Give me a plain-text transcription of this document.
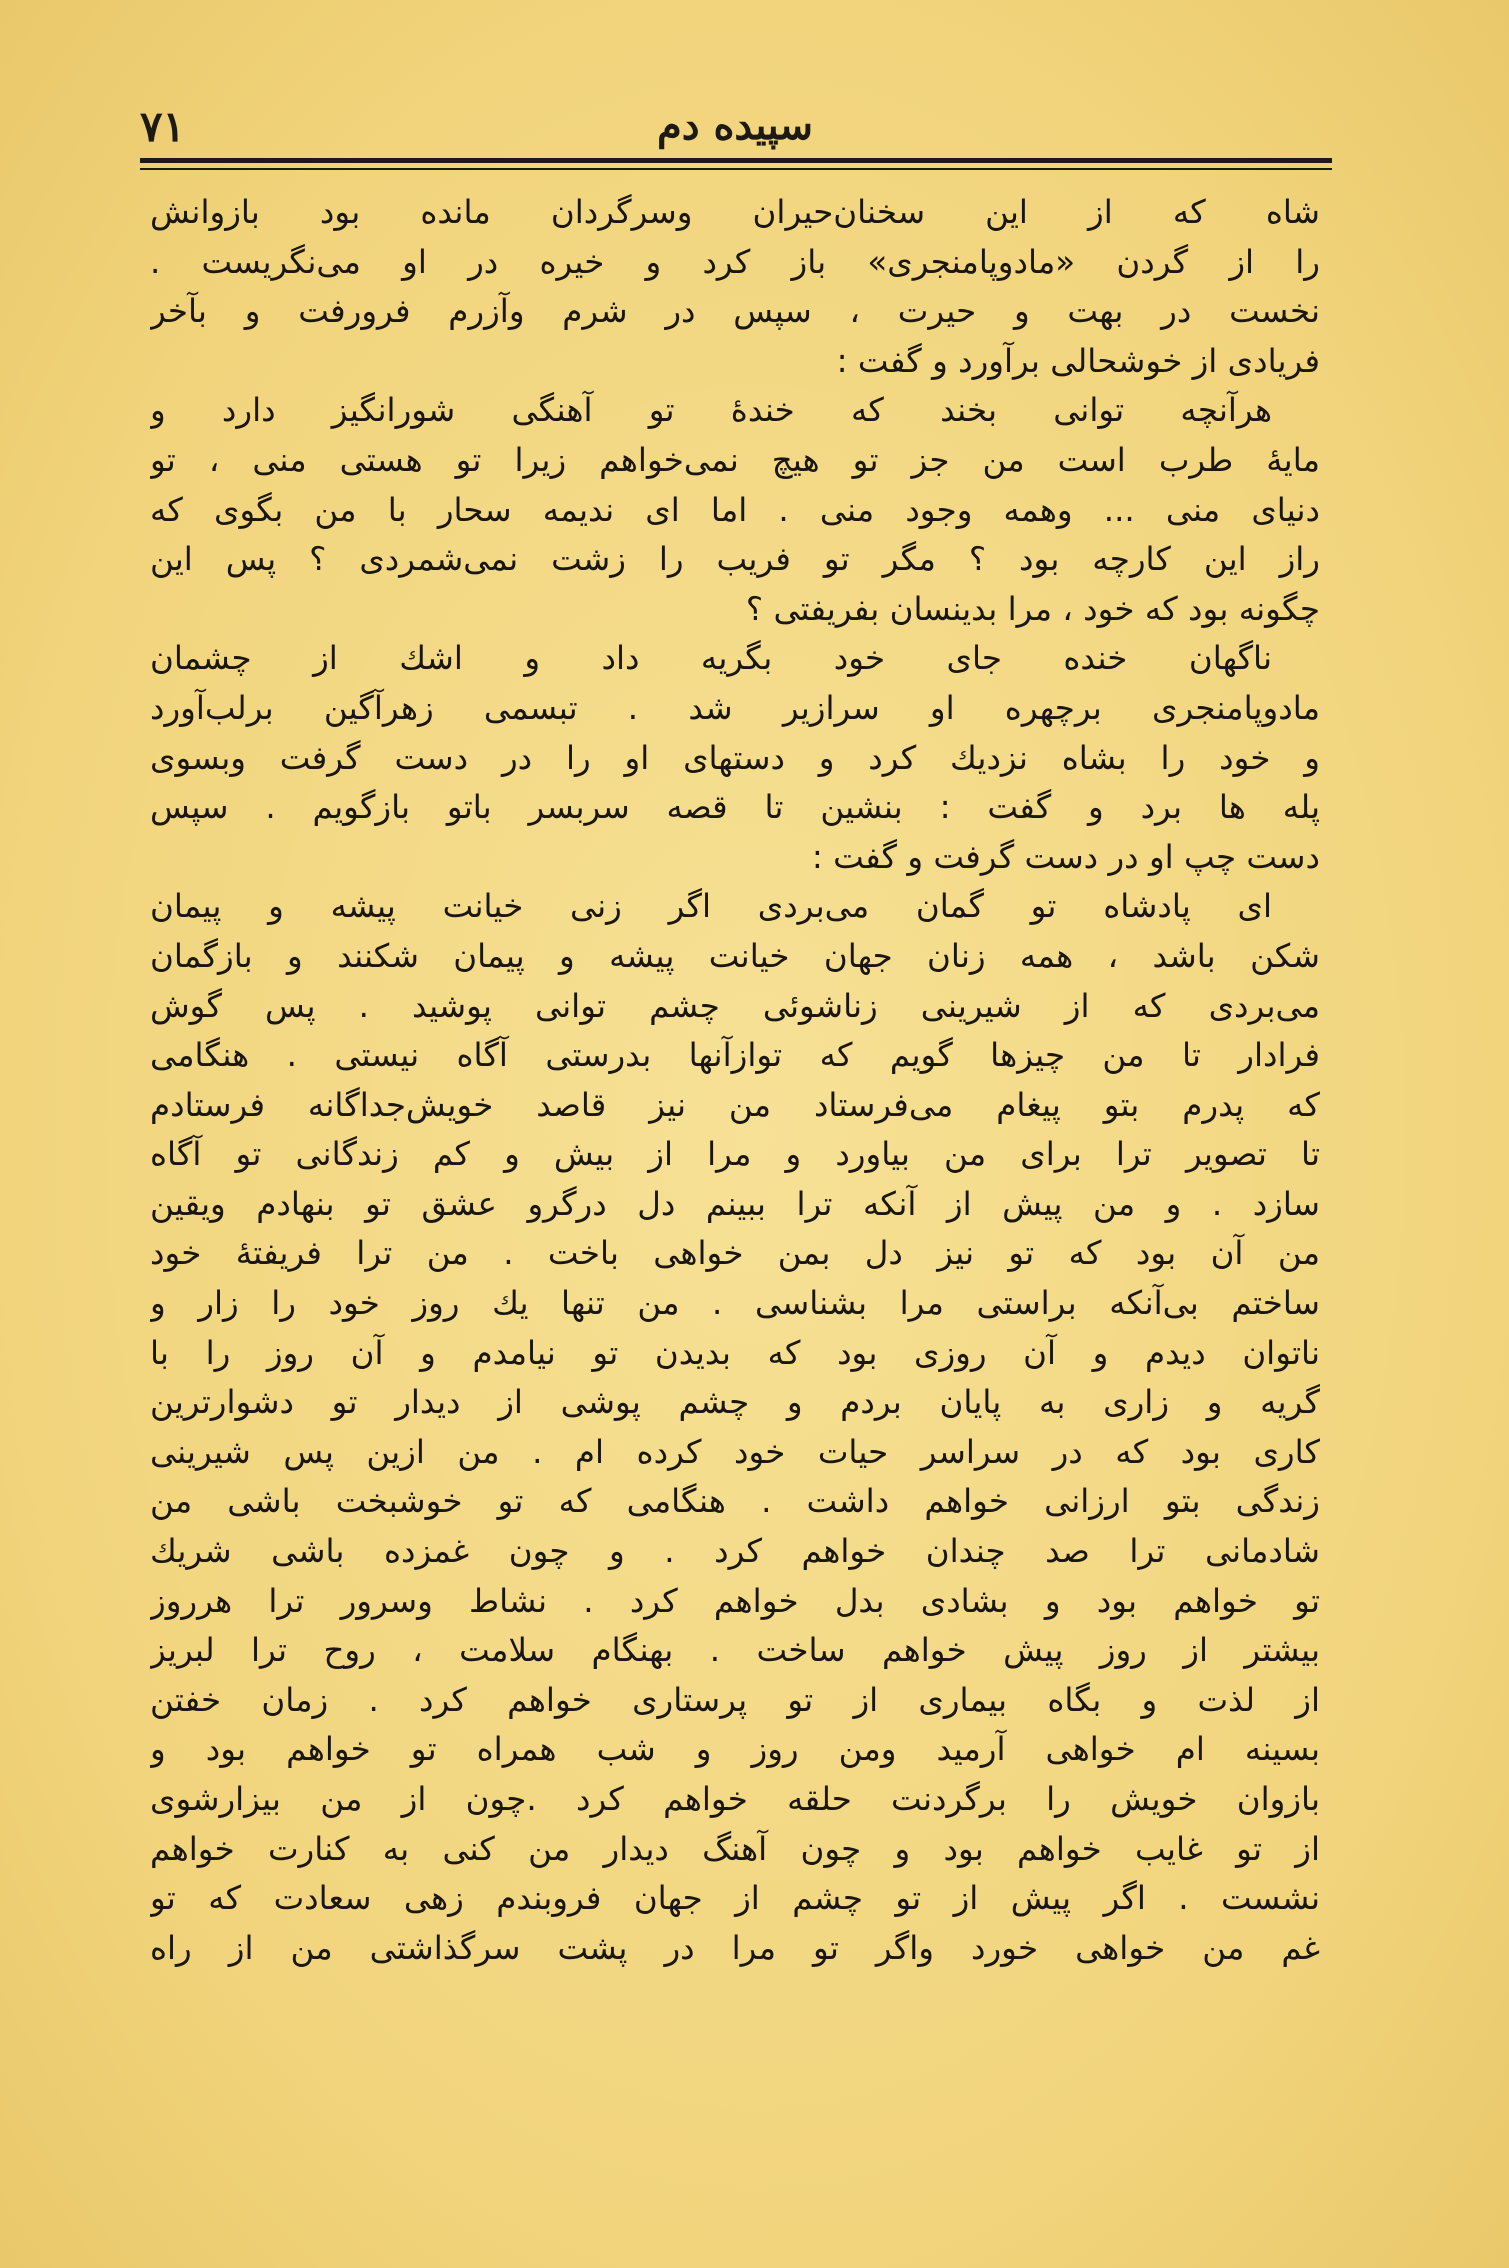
٧١	سپیده دم
شاه که از این سخنان‌حیران وسرگردان مانده بود بازوانش
را از گردن «مادوپامنجری» باز کرد و خیره در او می‌نگریست .
نخست در بهت و حیرت ، سپس در شرم وآزرم فرورفت و بآخر
فریادی از خوشحالی برآورد و گفت :
هرآنچه توانی بخند که خندهٔ تو آهنگی شورانگیز دارد و
مایهٔ طرب است من جز تو هیچ نمی‌خواهم زیرا تو هستی منی ، تو
دنیای منی ... وهمه وجود منی . اما ای ندیمه سحار با من بگوی که
راز این کارچه بود ؟ مگر تو فریب را زشت نمی‌شمردی ؟ پس این
چگونه بود که خود ، مرا بدینسان بفریفتی ؟
ناگهان خنده جای خود بگریه داد و اشك از چشمان
مادوپامنجری برچهره او سرازیر شد . تبسمی زهرآگین برلب‌آورد
و خود را بشاه نزدیك کرد و دستهای او را در دست گرفت وبسوی
پله ها برد و گفت : بنشین تا قصه سربسر باتو بازگویم . سپس
دست چپ او در دست گرفت و گفت :
ای پادشاه تو گمان می‌بردی اگر زنی خیانت پیشه و پیمان
شکن باشد ، همه زنان جهان خیانت پیشه و پیمان شکنند و بازگمان
می‌بردی که از شیرینی زناشوئی چشم توانی پوشید . پس گوش
فرادار تا من چیزها گویم که توازآنها بدرستی آگاه نیستی . هنگامی
که پدرم بتو پیغام می‌فرستاد من نیز قاصد خویش‌جداگانه فرستادم
تا تصویر ترا برای من بیاورد و مرا از بیش و کم زندگانی تو آگاه
سازد . و من پیش از آنکه ترا ببینم دل درگرو عشق تو بنهادم ویقین
من آن بود که تو نیز دل بمن خواهی باخت . من ترا فریفتهٔ خود
ساختم بی‌آنکه براستی مرا بشناسی . من تنها یك روز خود را زار و
ناتوان دیدم و آن روزی بود که بدیدن تو نیامدم و آن روز را با
گریه و زاری به پایان بردم و چشم پوشی از دیدار تو دشوارترین
کاری بود که در سراسر حیات خود کرده ام . من ازین پس شیرینی
زندگی بتو ارزانی خواهم داشت . هنگامی که تو خوشبخت باشی من
شادمانی ترا صد چندان خواهم کرد . و چون غمزده باشی شریك
تو خواهم بود و بشادی بدل خواهم کرد . نشاط وسرور ترا هرروز
بیشتر از روز پیش خواهم ساخت . بهنگام سلامت ، روح ترا لبریز
از لذت و بگاه بیماری از تو پرستاری خواهم کرد . زمان خفتن
بسینه ام خواهی آرمید ومن روز و شب همراه تو خواهم بود و
بازوان خویش را برگردنت حلقه خواهم کرد .چون از من بیزارشوی
از تو غایب خواهم بود و چون آهنگ دیدار من کنی به کنارت خواهم
نشست . اگر پیش از تو چشم از جهان فروبندم زهی سعادت که تو
غم من خواهی خورد واگر تو مرا در پشت سرگذاشتی من از راه
